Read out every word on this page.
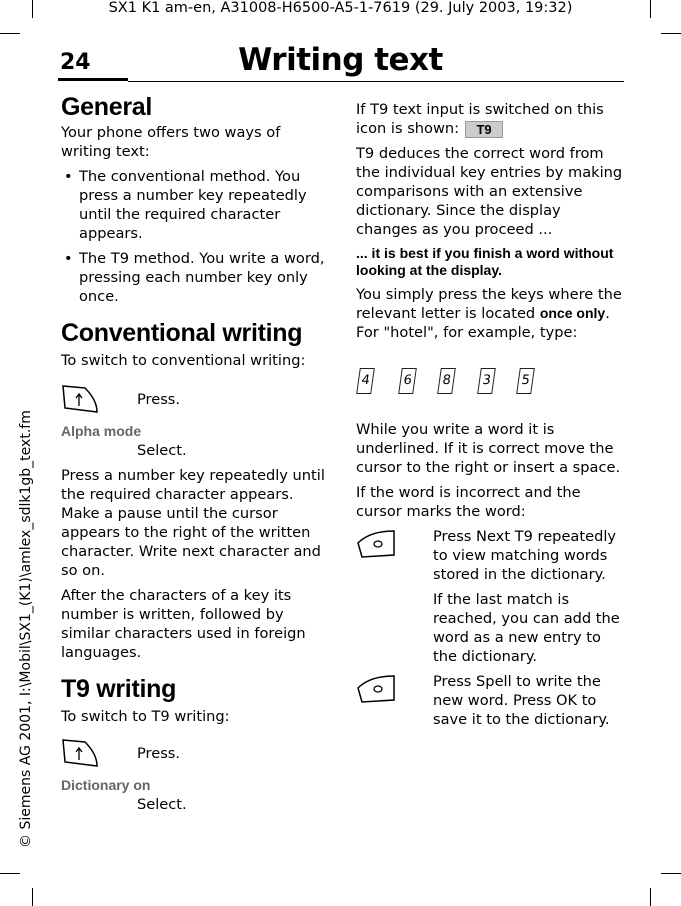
SX1 K1 am-en, A31008-H6500-A5-1-7619 (29. July 2003, 19:32)
24	Writing text
© Siemens AG 2001, I:\Mobil\SX1_(K1)\amlex_sdlk1gb_text.fm
General

Your phone offers two ways of writing text:

• The conventional method. You press a number key repeatedly until the required character appears.
• The T9 method. You write a word, pressing each number key only once.
Conventional writing

To switch to conventional writing:

Press.
Alpha mode

Select.

Press a number key repeatedly until the required character appears. Make a pause until the cursor appears to the right of the written character. Write next character and so on.

After the characters of a key its number is written, followed by similar characters used in foreign languages.

T9 writing

To switch to T9 writing:

Press.
Dictionary on

Select.

If T9 text input is switched on this icon is shown: T9

T9 deduces the correct word from the individual key entries by making comparisons with an extensive dictionary. Since the display changes as you proceed ...

... it is best if you finish a word without looking at the display.

You simply press the keys where the relevant letter is located once only. For "hotel", for example, type:

4	6	8	3	5

While you write a word it is underlined. If it is correct move the cursor to the right or insert a space.

If the word is incorrect and the cursor marks the word:

Press Next T9 repeatedly to view matching words stored in the dictionary.

If the last match is reached, you can add the word as a new entry to the dictionary.

Press Spell to write the new word. Press OK to save it to the dictionary.
